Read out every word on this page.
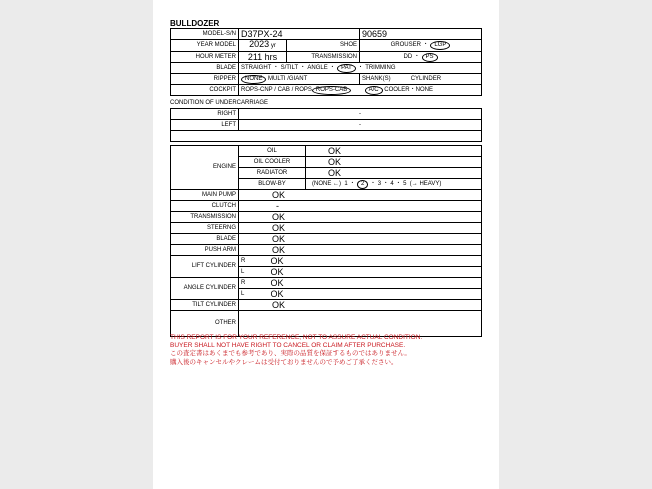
BULLDOZER
MODEL-S/N	D37PX-24		90659
YEAR MODEL	2023 yr	SHOE	GROUSER ・ LGP
HOUR METER	211 hrs	TRANSMISSION	DD ・ PS
BLADE	STRAIGHT ・ S/TILT ・ ANGLE ・ PAT ・ TRIMMING		
RIPPER	NONE MULTI /GIANT		SHANK(S) CYLINDER
COCKPIT	ROPS-CNP / CAB / ROPS ROPS-CAB A/C COOLER・NONE		
CONDITION OF UNDERCARRIAGE
RIGHT	-
LEFT	-

ENGINE	OIL		OK
	OIL COOLER		OK
	RADIATOR		OK
	BLOW-BY		(NONE ←) 1 ・ 2 ・ 3 ・ 4 ・ 5 (→ HEAVY)
MAIN PUMP	OK		
CLUTCH	-		
TRANSMISSION	OK		
STEERNG	OK		
BLADE	OK		
PUSH ARM	OK		
LIFT CYLINDER	R	OK	
	L	OK	
ANGLE CYLINDER	R	OK	
	L	OK	
TILT CYLINDER	OK		
OTHER			
THIS REPORT IS FOR YOUR REFERENCE, NOT TO ASSURE ACTUAL CONDITION.
BUYER SHALL NOT HAVE RIGHT TO CANCEL OR CLAIM AFTER PURCHASE.
この査定書はあくまでも参考であり、実際の品質を保証するものではありません。
購入後のキャンセルやクレームは受付ておりませんので予めご了承ください。
